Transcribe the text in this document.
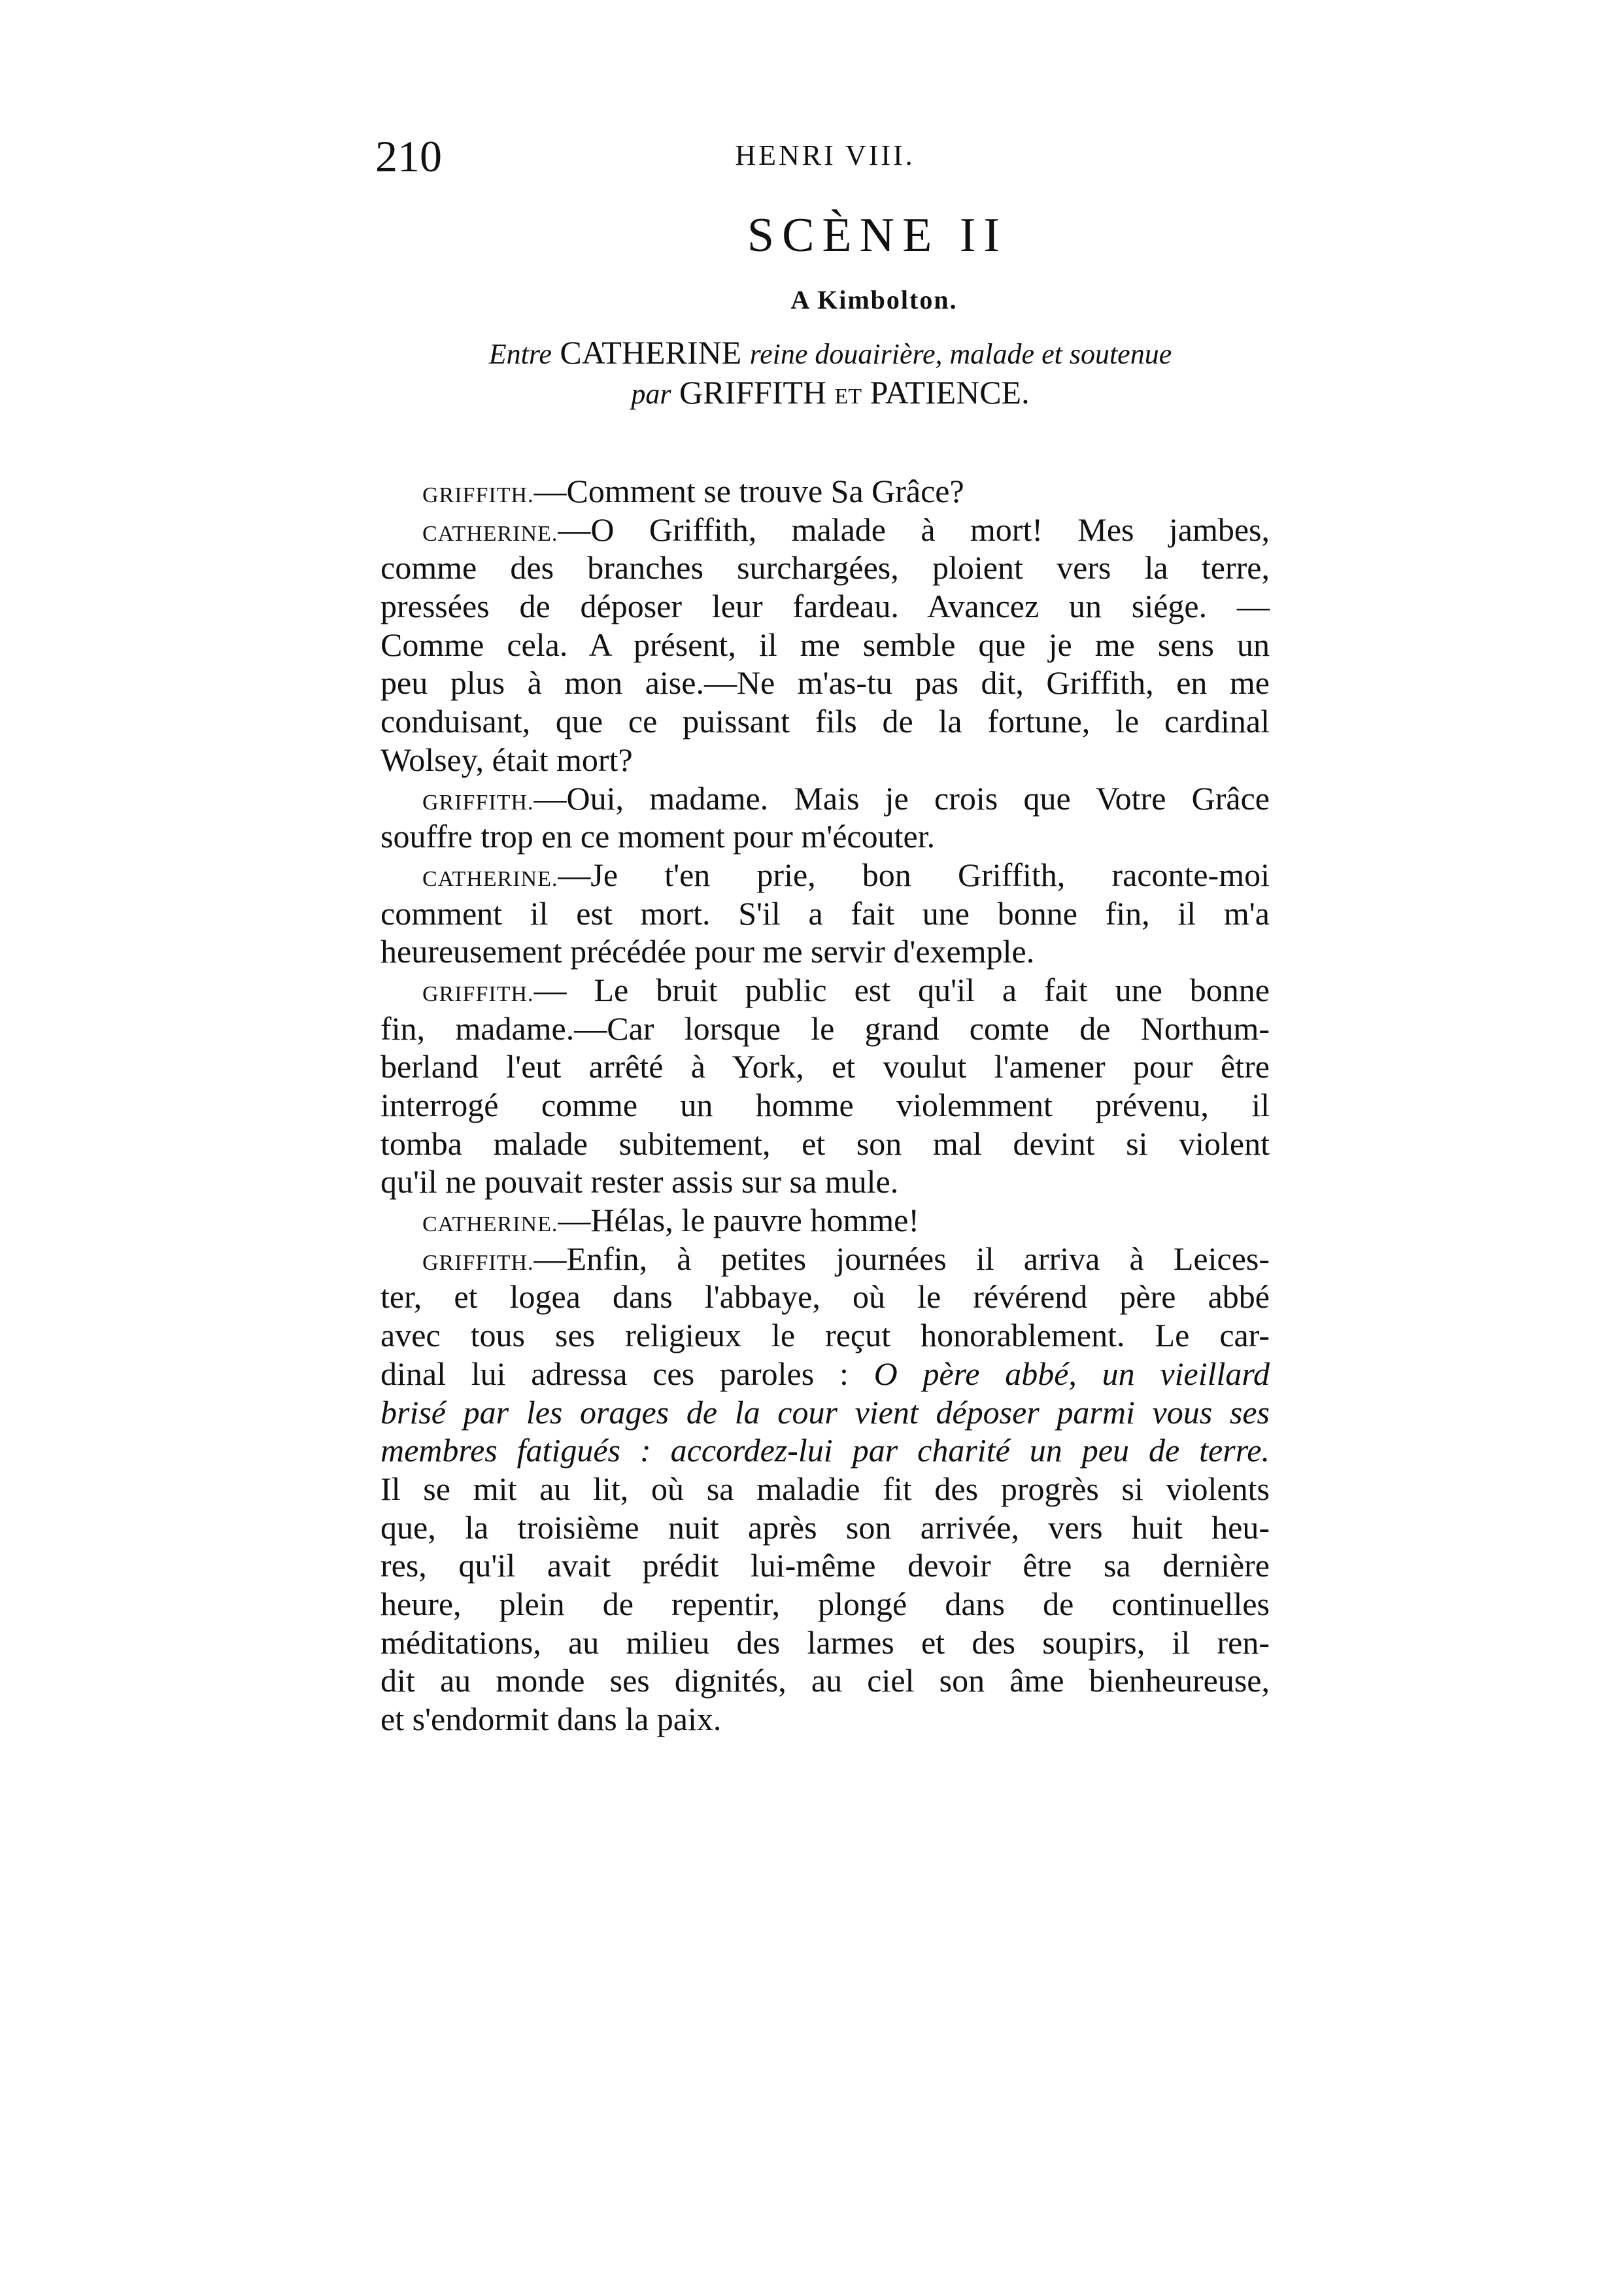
210	HENRI VIII.
SCÈNE II
A Kimbolton.
Entre CATHERINE reine douairière, malade et soutenue
par GRIFFITH ET PATIENCE.
GRIFFITH.—Comment se trouve Sa Grâce?
CATHERINE.—O Griffith, malade à mort! Mes jambes,
comme des branches surchargées, ploient vers la terre,
pressées de déposer leur fardeau. Avancez un siége. —
Comme cela. A présent, il me semble que je me sens un
peu plus à mon aise.—Ne m'as-tu pas dit, Griffith, en me
conduisant, que ce puissant fils de la fortune, le cardinal
Wolsey, était mort?
GRIFFITH.—Oui, madame. Mais je crois que Votre Grâce
souffre trop en ce moment pour m'écouter.
CATHERINE.—Je t'en prie, bon Griffith, raconte-moi
comment il est mort. S'il a fait une bonne fin, il m'a
heureusement précédée pour me servir d'exemple.
GRIFFITH.— Le bruit public est qu'il a fait une bonne
fin, madame.—Car lorsque le grand comte de Northum-
berland l'eut arrêté à York, et voulut l'amener pour être
interrogé comme un homme violemment prévenu, il
tomba malade subitement, et son mal devint si violent
qu'il ne pouvait rester assis sur sa mule.
CATHERINE.—Hélas, le pauvre homme!
GRIFFITH.—Enfin, à petites journées il arriva à Leices-
ter, et logea dans l'abbaye, où le révérend père abbé
avec tous ses religieux le reçut honorablement. Le car-
dinal lui adressa ces paroles : O père abbé, un vieillard
brisé par les orages de la cour vient déposer parmi vous ses
membres fatigués : accordez-lui par charité un peu de terre.
Il se mit au lit, où sa maladie fit des progrès si violents
que, la troisième nuit après son arrivée, vers huit heu-
res, qu'il avait prédit lui-même devoir être sa dernière
heure, plein de repentir, plongé dans de continuelles
méditations, au milieu des larmes et des soupirs, il ren-
dit au monde ses dignités, au ciel son âme bienheureuse,
et s'endormit dans la paix.
